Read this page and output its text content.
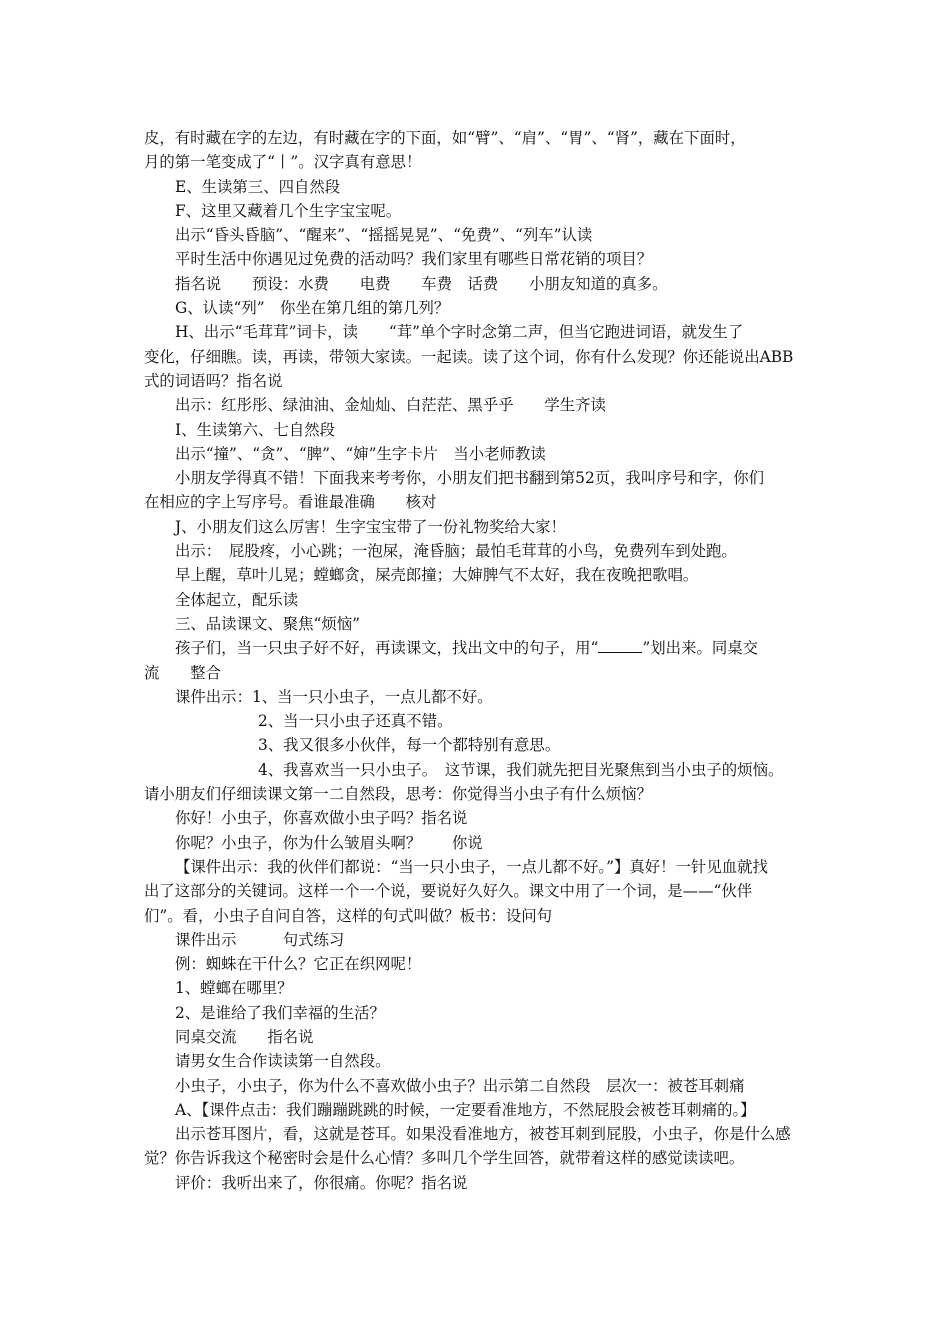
皮，有时藏在字的左边，有时藏在字的下面，如“臂”、“肩”、“胃”、“肾”，藏在下面时，

月的第一笔变成了“丨”。汉字真有意思！

E、生读第三、四自然段

F、这里又藏着几个生字宝宝呢。

出示“昏头昏脑”、“醒来”、“摇摇晃晃”、“免费”、“列车”认读

平时生活中你遇见过免费的活动吗？我们家里有哪些日常花销的项目？

指名说　　预设：水费　　电费　　车费　话费　　小朋友知道的真多。

G、认读“列”　你坐在第几组的第几列？

H、出示“毛茸茸”词卡，读　　“茸”单个字时念第二声，但当它跑进词语，就发生了

变化，仔细瞧。读，再读，带领大家读。一起读。读了这个词，你有什么发现？你还能说出ABB

式的词语吗？指名说

出示：红彤彤、绿油油、金灿灿、白茫茫、黑乎乎　　学生齐读

I、生读第六、七自然段

出示“撞”、“贪”、“脾”、“婶”生字卡片　当小老师教读

小朋友学得真不错！下面我来考考你，小朋友们把书翻到第52页，我叫序号和字，你们

在相应的字上写序号。看谁最准确　　核对

J、小朋友们这么厉害！生字宝宝带了一份礼物奖给大家！

出示：　屁股疼，小心跳；一泡屎，淹昏脑；最怕毛茸茸的小鸟，免费列车到处跑。

早上醒，草叶儿晃；螳螂贪，屎壳郎撞；大婶脾气不太好，我在夜晚把歌唱。

全体起立，配乐读

三、品读课文、聚焦“烦恼”

孩子们，当一只虫子好不好，再读课文，找出文中的句子，用“	”划出来。同桌交

流　　整合

课件出示：1、当一只小虫子，一点儿都不好。

2、当一只小虫子还真不错。

3、我又很多小伙伴，每一个都特别有意思。

4、我喜欢当一只小虫子。　这节课，我们就先把目光聚焦到当小虫子的烦恼。

请小朋友们仔细读课文第一二自然段，思考：你觉得当小虫子有什么烦恼？

你好！小虫子，你喜欢做小虫子吗？指名说

你呢？小虫子，你为什么皱眉头啊？　　你说

【课件出示：我的伙伴们都说：“当一只小虫子，一点儿都不好。”】真好！一针见血就找

出了这部分的关键词。这样一个一个说，要说好久好久。课文中用了一个词，是——“伙伴

们”。看，小虫子自问自答，这样的句式叫做？板书：设问句

课件出示　　　句式练习

例：蜘蛛在干什么？它正在织网呢！

1、螳螂在哪里？

2、是谁给了我们幸福的生活？

同桌交流　　指名说

请男女生合作读读第一自然段。

小虫子，小虫子，你为什么不喜欢做小虫子？出示第二自然段　层次一：被苍耳刺痛

A、【课件点击：我们蹦蹦跳跳的时候，一定要看准地方，不然屁股会被苍耳刺痛的。】

出示苍耳图片，看，这就是苍耳。如果没看准地方，被苍耳刺到屁股，小虫子，你是什么感

觉？你告诉我这个秘密时会是什么心情？多叫几个学生回答，就带着这样的感觉读读吧。

评价：我听出来了，你很痛。你呢？指名说
